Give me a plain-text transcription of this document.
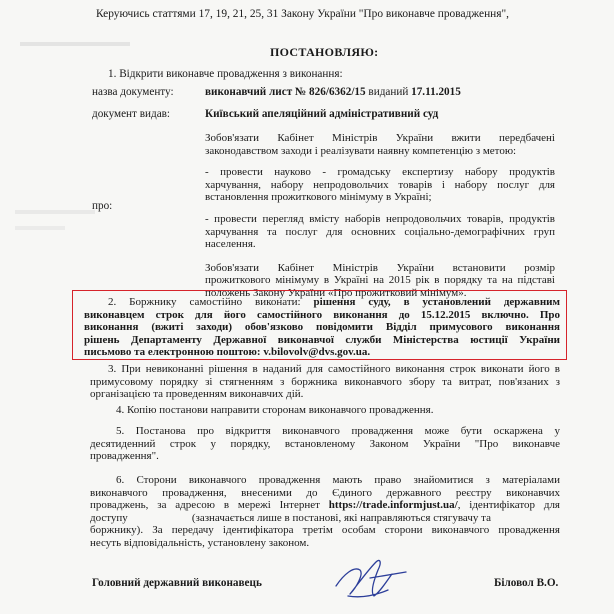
Керуючись статтями 17, 19, 21, 25, 31 Закону України "Про виконавче провадження",
ПОСТАНОВЛЯЮ:
1. Відкрити виконавче провадження з виконання:
назва документу:	виконавчий лист № 826/6362/15 виданий 17.11.2015
документ видав:	Київський апеляційний адміністративний суд
про:
Зобов'язати Кабінет Міністрів України вжити передбачені
законодавством заходи і реалізувати наявну компетенцію з метою:
- провести науково - громадську експертизу набору продуктів
харчування, набору непродовольчих товарів і набору послуг для
встановлення прожиткового мінімуму в Україні;
- провести перегляд вмісту наборів непродовольчих товарів, продуктів
харчування та послуг для основних соціально-демографічних груп
населення.
Зобов'язати Кабінет Міністрів України встановити розмір
прожиткового мінімуму в Україні на 2015 рік в порядку та на підставі
положень Закону України «Про прожитковий мінімум».
2. Боржнику самостійно виконати: рішення суду, в установлений державним
виконавцем строк для його самостійного виконання до 15.12.2015 включно. Про
виконання (вжиті заходи) обов'язково повідомити Відділ примусового виконання
рішень Департаменту Державної виконавчої служби Міністерства юстиції України
письмово та електронною поштою: v.bilovolv@dvs.gov.ua.
3. При невиконанні рішення в наданий для самостійного виконання строк виконати його в
примусовому порядку зі стягненням з боржника виконавчого збору та витрат, пов'язаних з
організацією та проведенням виконавчих дій.
4. Копію постанови направити сторонам виконавчого провадження.
5. Постанова про відкриття виконавчого провадження може бути оскаржена у
десятиденний строк у порядку, встановленому Законом України "Про виконавче
провадження".
6. Сторони виконавчого провадження мають право знайомитися з матеріалами
виконавчого провадження, внесеними до Єдиного державного реєстру виконавчих
проваджень, за адресою в мережі Інтернет https://trade.informjust.ua/, ідентифікатор для
доступу	(зазначається лише в постанові, які направляються стягувачу та
боржнику). За передачу ідентифікатора третім особам сторони виконавчого провадження
несуть відповідальність, установлену законом.
Головний державний виконавець	Біловол В.О.
